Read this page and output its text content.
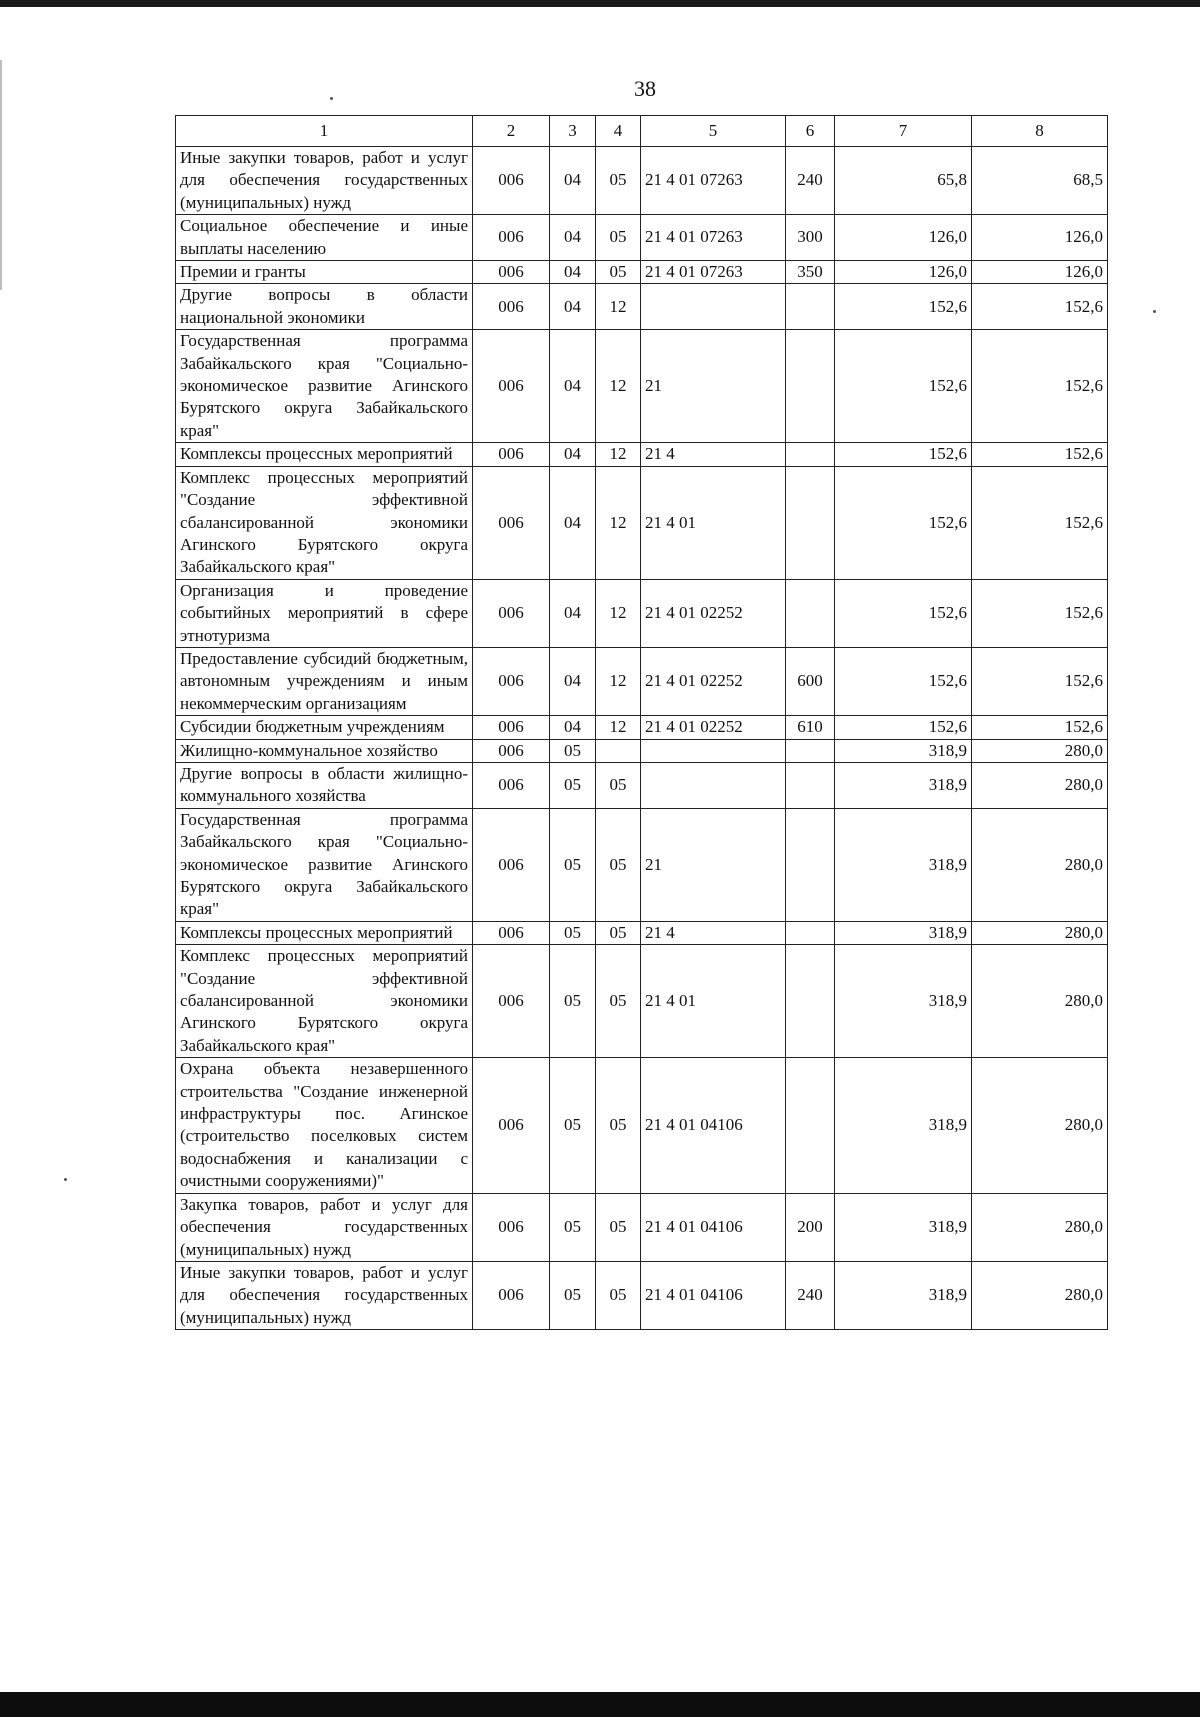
38
1	2	3	4	5	6	7	8
Иные закупки товаров, работ и услуг для обеспечения государственных (муниципальных) нужд	006	04	05	21 4 01 07263	240	65,8	68,5
Социальное обеспечение и иные выплаты населению	006	04	05	21 4 01 07263	300	126,0	126,0
Премии и гранты	006	04	05	21 4 01 07263	350	126,0	126,0
Другие вопросы в области национальной экономики	006	04	12			152,6	152,6
Государственная программа Забайкальского края "Социально-экономическое развитие Агинского Бурятского округа Забайкальского края"	006	04	12	21		152,6	152,6
Комплексы процессных мероприятий	006	04	12	21 4		152,6	152,6
Комплекс процессных мероприятий "Создание эффективной сбалансированной экономики Агинского Бурятского округа Забайкальского края"	006	04	12	21 4 01		152,6	152,6
Организация и проведение событийных мероприятий в сфере этнотуризма	006	04	12	21 4 01 02252		152,6	152,6
Предоставление субсидий бюджетным, автономным учреждениям и иным некоммерческим организациям	006	04	12	21 4 01 02252	600	152,6	152,6
Субсидии бюджетным учреждениям	006	04	12	21 4 01 02252	610	152,6	152,6
Жилищно-коммунальное хозяйство	006	05				318,9	280,0
Другие вопросы в области жилищно-коммунального хозяйства	006	05	05			318,9	280,0
Государственная программа Забайкальского края "Социально-экономическое развитие Агинского Бурятского округа Забайкальского края"	006	05	05	21		318,9	280,0
Комплексы процессных мероприятий	006	05	05	21 4		318,9	280,0
Комплекс процессных мероприятий "Создание эффективной сбалансированной экономики Агинского Бурятского округа Забайкальского края"	006	05	05	21 4 01		318,9	280,0
Охрана объекта незавершенного строительства "Создание инженерной инфраструктуры пос. Агинское (строительство поселковых систем водоснабжения и канализации с очистными сооружениями)"	006	05	05	21 4 01 04106		318,9	280,0
Закупка товаров, работ и услуг для обеспечения государственных (муниципальных) нужд	006	05	05	21 4 01 04106	200	318,9	280,0
Иные закупки товаров, работ и услуг для обеспечения государственных (муниципальных) нужд	006	05	05	21 4 01 04106	240	318,9	280,0
